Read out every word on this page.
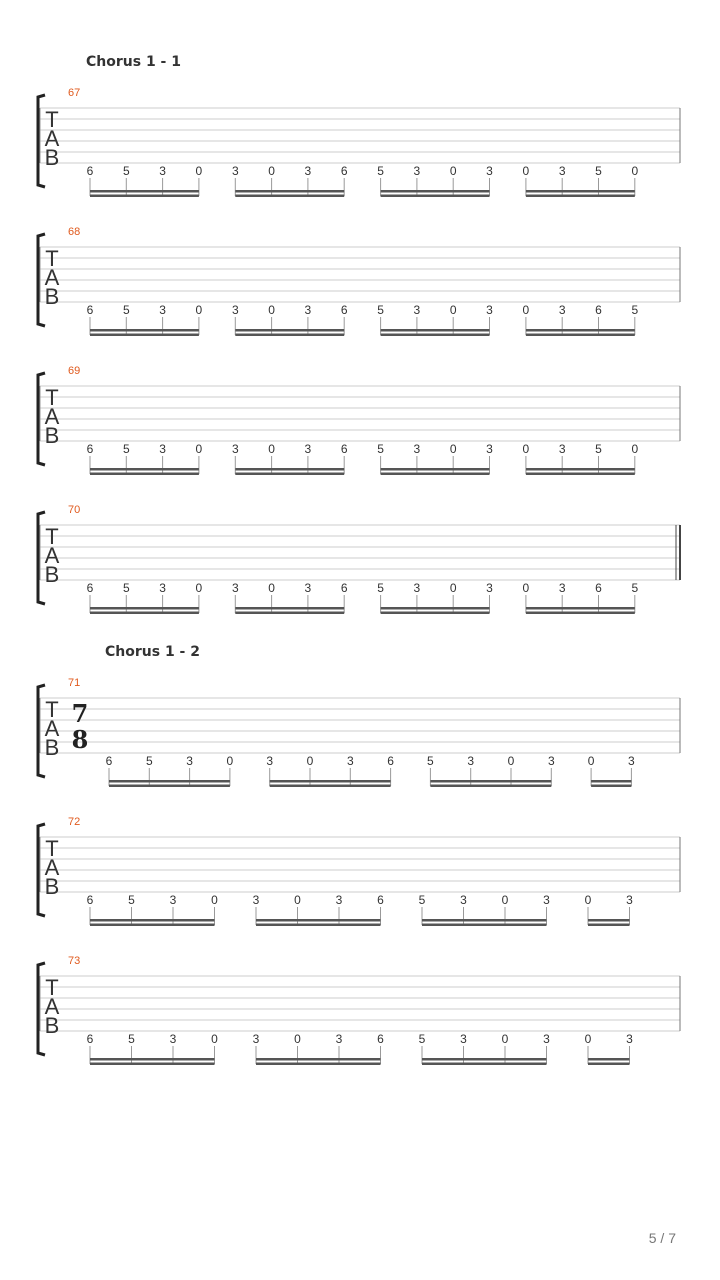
Chorus 1 - 1
Chorus 1 - 2
67
T
A
B
6 5 3 0 3 0 3 6 5 3 0 3 0 3 5 0
68
T
A
B
6 5 3 0 3 0 3 6 5 3 0 3 0 3 6 5
69
T
A
B
6 5 3 0 3 0 3 6 5 3 0 3 0 3 5 0
70
T
A
B
6 5 3 0 3 0 3 6 5 3 0 3 0 3 6 5
71
T
A
B
7
8
6	5	3	0	3	0	3	6	5	3	0	3	0	3
72
T
A
B
6	5	3	0	3	0	3	6	5	3	0	3	0	3
73
T
A
B
6	5	3	0	3	0	3	6	5	3	0	3	0	3
5 / 7
